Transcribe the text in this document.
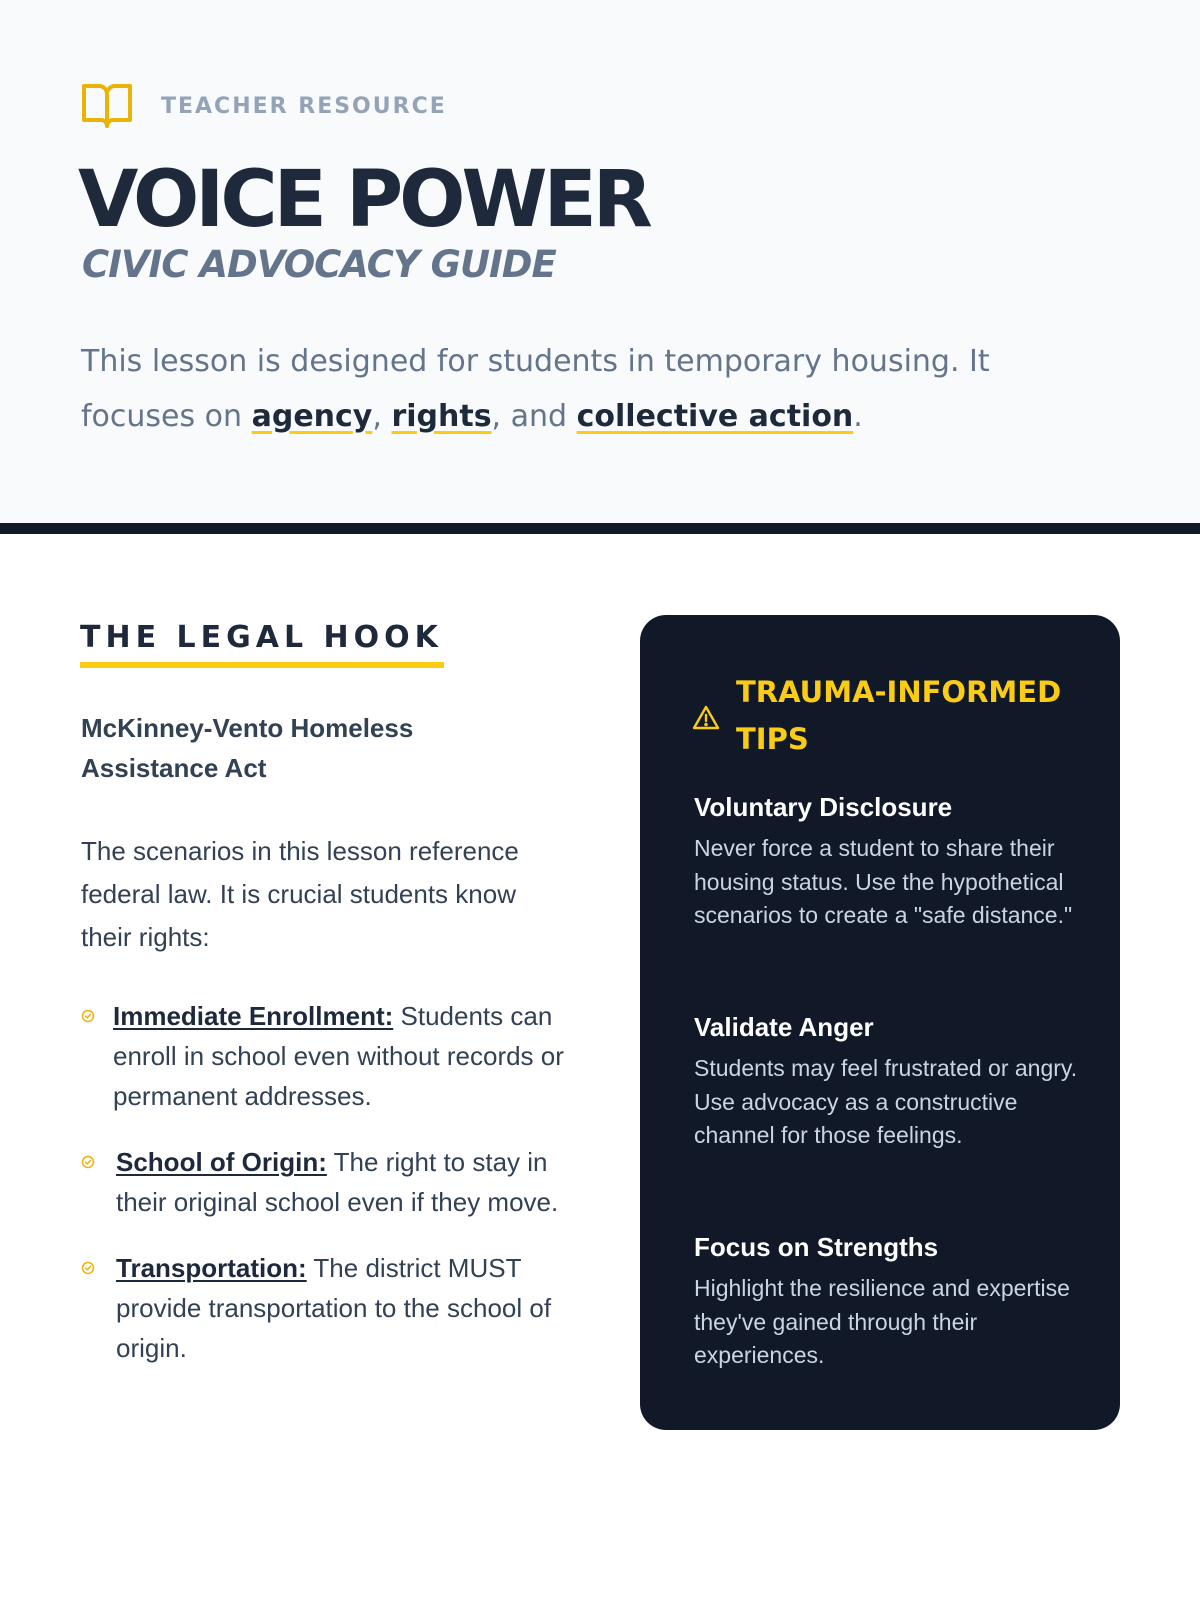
TEACHER RESOURCE
VOICE POWER
CIVIC ADVOCACY GUIDE

This lesson is designed for students in temporary housing. It focuses on agency, rights, and collective action.

THE LEGAL HOOK
McKinney-Vento Homeless Assistance Act

The scenarios in this lesson reference federal law. It is crucial students know their rights:

Immediate Enrollment: Students can enroll in school even without records or permanent addresses.
School of Origin: The right to stay in their original school even if they move.
Transportation: The district MUST provide transportation to the school of origin.
TRAUMA-INFORMED TIPS
Voluntary Disclosure
Never force a student to share their housing status. Use the hypothetical scenarios to create a "safe distance."
Validate Anger
Students may feel frustrated or angry. Use advocacy as a constructive channel for those feelings.
Focus on Strengths
Highlight the resilience and expertise they've gained through their experiences.
